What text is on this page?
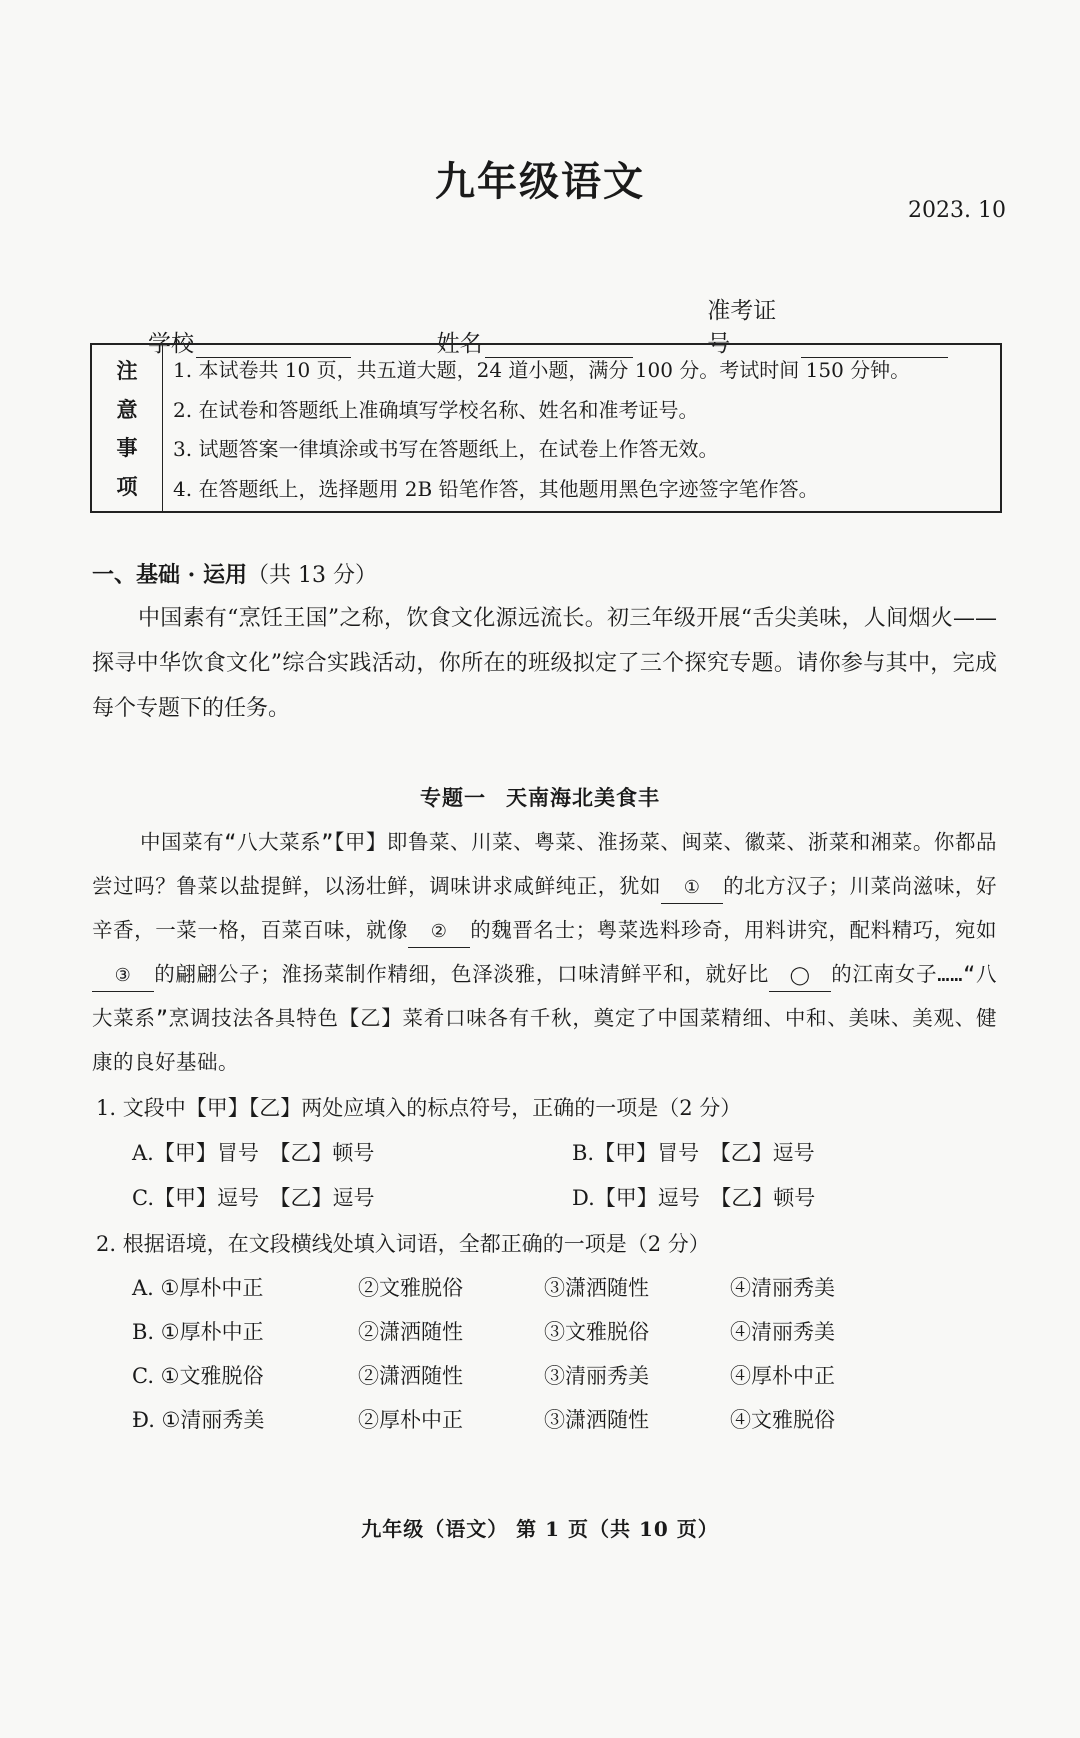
九年级语文
2023. 10
学校	姓名
准考证号
注
意
事
项
1. 本试卷共 10 页，共五道大题，24 道小题，满分 100 分。考试时间 150 分钟。
2. 在试卷和答题纸上准确填写学校名称、姓名和准考证号。
3. 试题答案一律填涂或书写在答题纸上，在试卷上作答无效。
4. 在答题纸上，选择题用 2B 铅笔作答，其他题用黑色字迹签字笔作答。
一、基础 · 运用（共 13 分）
中国素有“烹饪王国”之称，饮食文化源远流长。初三年级开展“舌尖美味，人间烟火——探寻中华饮食文化”综合实践活动，你所在的班级拟定了三个探究专题。请你参与其中，完成每个专题下的任务。
专题一 天南海北美食丰
中国菜有“八大菜系”【甲】即鲁菜、川菜、粤菜、淮扬菜、闽菜、徽菜、浙菜和湘菜。你都品尝过吗？鲁菜以盐提鲜，以汤壮鲜，调味讲求咸鲜纯正，犹如 ① 的北方汉子；川菜尚滋味，好辛香，一菜一格，百菜百味，就像 ② 的魏晋名士；粤菜选料珍奇，用料讲究，配料精巧，宛如③ 的翩翩公子；淮扬菜制作精细，色泽淡雅，口味清鲜平和，就好比 ◯ 的江南女子……“八大菜系”烹调技法各具特色【乙】菜肴口味各有千秋，奠定了中国菜精细、中和、美味、美观、健康的良好基础。
1. 文段中【甲】【乙】两处应填入的标点符号，正确的一项是（2 分）
A.【甲】冒号　【乙】顿号	B.【甲】冒号　【乙】逗号
C.【甲】逗号　【乙】逗号	D.【甲】逗号　【乙】顿号
2. 根据语境，在文段横线处填入词语，全都正确的一项是（2 分）
A. ①厚朴中正	②文雅脱俗	③潇洒随性	④清丽秀美
B. ①厚朴中正	②潇洒随性	③文雅脱俗	④清丽秀美
C. ①文雅脱俗	②潇洒随性	③清丽秀美	④厚朴中正
Ð. ①清丽秀美	②厚朴中正	③潇洒随性	④文雅脱俗
九年级（语文） 第 1 页（共 10 页）
